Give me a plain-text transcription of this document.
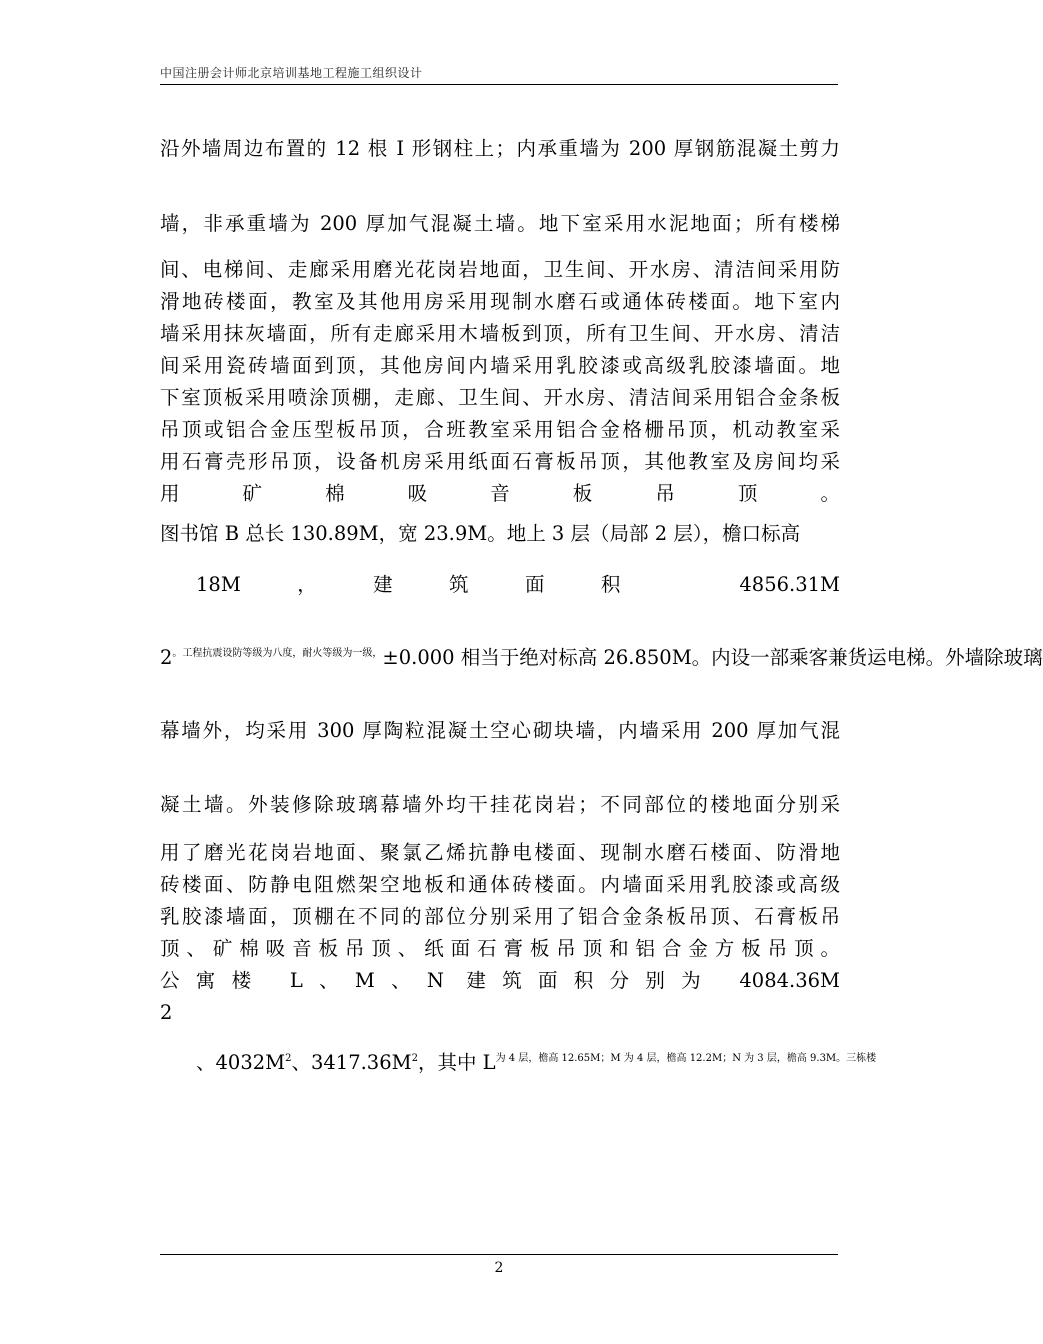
中国注册会计师北京培训基地工程施工组织设计
沿外墙周边布置的 12 根 I 形钢柱上；内承重墙为 200 厚钢筋混凝土剪力
墙，非承重墙为 200 厚加气混凝土墙。地下室采用水泥地面；所有楼梯
间、电梯间、走廊采用磨光花岗岩地面，卫生间、开水房、清洁间采用防
滑地砖楼面，教室及其他用房采用现制水磨石或通体砖楼面。地下室内
墙采用抹灰墙面，所有走廊采用木墙板到顶，所有卫生间、开水房、清洁
间采用瓷砖墙面到顶，其他房间内墙采用乳胶漆或高级乳胶漆墙面。地
下室顶板采用喷涂顶棚，走廊、卫生间、开水房、清洁间采用铝合金条板
吊顶或铝合金压型板吊顶，合班教室采用铝合金格栅吊顶，机动教室采
用石膏壳形吊顶，设备机房采用纸面石膏板吊顶，其他教室及房间均采
用矿棉吸音板吊顶。
图书馆 B 总长 130.89M，宽 23.9M。地上 3 层（局部 2 层），檐口标高
18M，建筑面积 4856.31M
$2^{。工程抗震设防等级为八度,耐火等级为一级,}\pm 0.000$ 相当于绝对标高 26.850M。内设一部乘客兼货运电梯。外墙除玻璃
幕墙外，均采用 300 厚陶粒混凝土空心砌块墙，内墙采用 200 厚加气混
凝土墙。外装修除玻璃幕墙外均干挂花岗岩；不同部位的楼地面分别采
用了磨光花岗岩地面、聚氯乙烯抗静电楼面、现制水磨石楼面、防滑地
砖楼面、防静电阻燃架空地板和通体砖楼面。内墙面采用乳胶漆或高级
乳胶漆墙面，顶棚在不同的部位分别采用了铝合金条板吊顶、石膏板吊
顶、矿棉吸音板吊顶、纸面石膏板吊顶和铝合金方板吊顶。
公寓楼 L、M、N 建筑面积分别为 4084.36M
2
、$4032M^2$、$3417.36M^2$，其中 $L^{为 4 层,檐高 12.65M;M 为 4 层,檐高 12.2M;N 为 3 层,檐高 9.3M。三栋楼}$
2
